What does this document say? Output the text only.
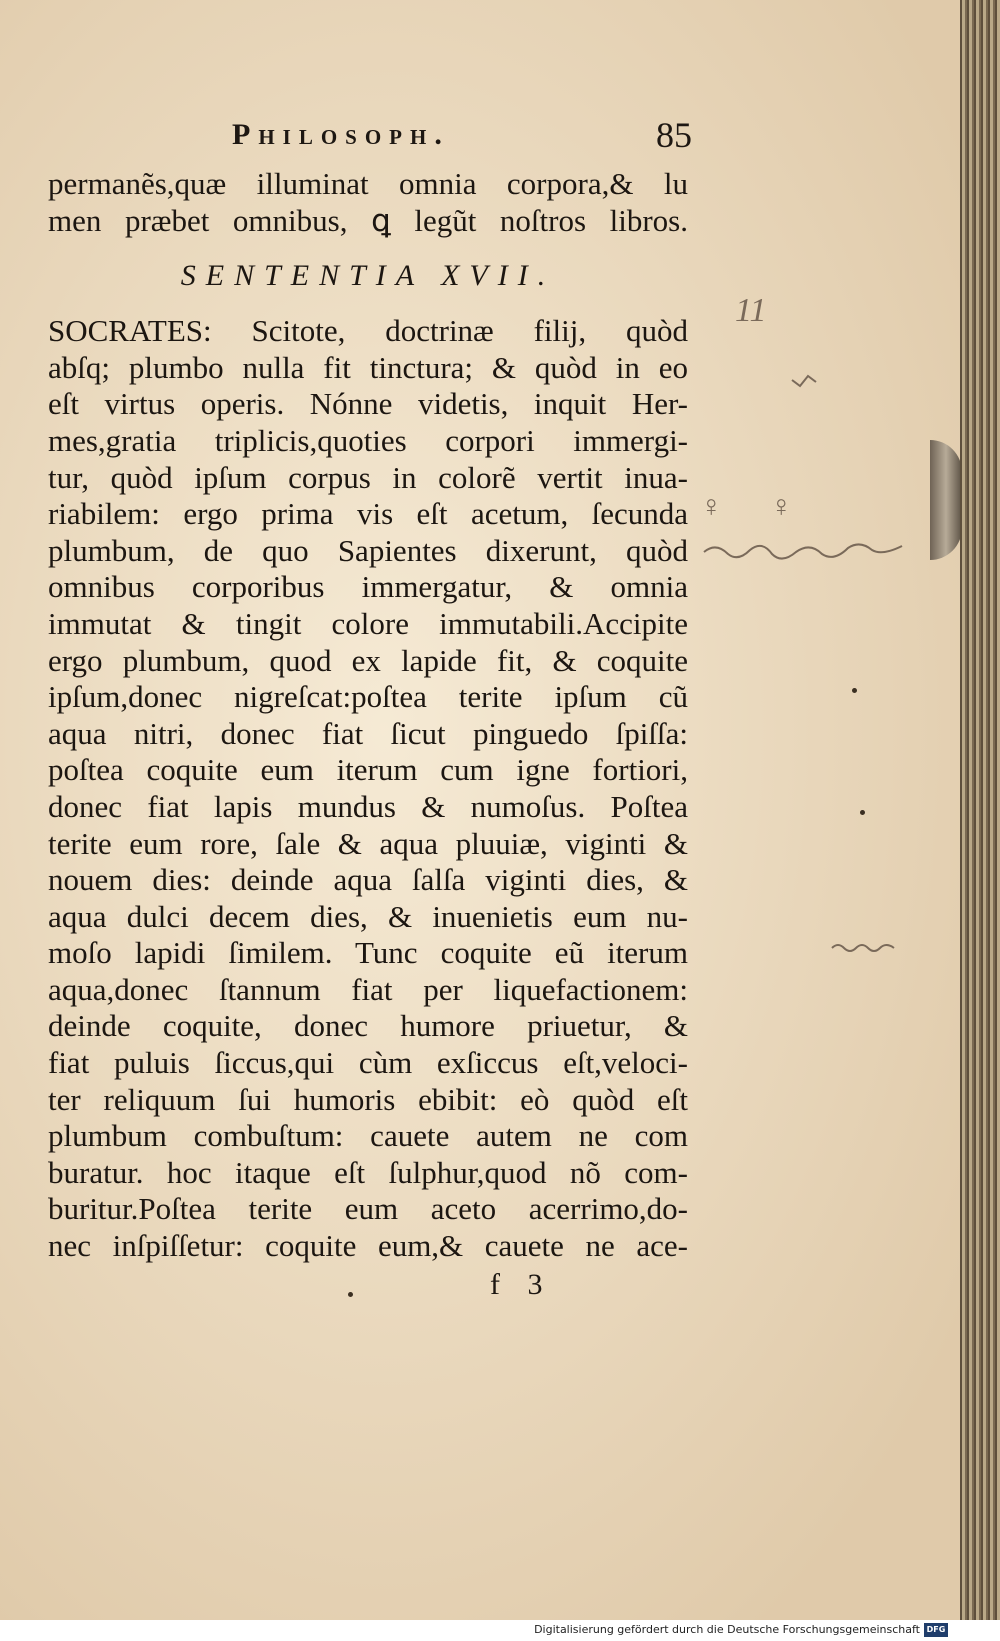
Philosoph.	85
permanẽs,quæ illuminat omnia corpora,& lu
men præbet omnibus, ꝗ legũt noſtros libros.
SENTENTIA XVII.
SOCRATES: Scitote, doctrinæ filij, quòd
abſq; plumbo nulla fit tinctura; & quòd in eo
eſt virtus operis. Nónne videtis, inquit Her-
mes,gratia triplicis,quoties corpori immergi-
tur, quòd ipſum corpus in colorẽ vertit inua-
riabilem: ergo prima vis eſt acetum, ſecunda
plumbum, de quo Sapientes dixerunt, quòd
omnibus corporibus immergatur, & omnia
immutat & tingit colore immutabili.Accipite
ergo plumbum, quod ex lapide fit, & coquite
ipſum,donec nigreſcat:poſtea terite ipſum cũ
aqua nitri, donec fiat ſicut pinguedo ſpiſſa:
poſtea coquite eum iterum cum igne fortiori,
donec fiat lapis mundus & numoſus. Poſtea
terite eum rore, ſale & aqua pluuiæ, viginti &
nouem dies: deinde aqua ſalſa viginti dies, &
aqua dulci decem dies, & inuenietis eum nu-
moſo lapidi ſimilem. Tunc coquite eũ iterum
aqua,donec ſtannum fiat per liquefactionem:
deinde coquite, donec humore priuetur, &
fiat puluis ſiccus,qui cùm exſiccus eſt,veloci-
ter reliquum ſui humoris ebibit: eò quòd eſt
plumbum combuſtum: cauete autem ne com
buratur. hoc itaque eſt ſulphur,quod nõ com-
buritur.Poſtea terite eum aceto acerrimo,do-
nec inſpiſſetur: coquite eum,& cauete ne ace-
f 3
11
♀ ♀
Digitalisierung gefördert durch die Deutsche Forschungsgemeinschaft DFG
